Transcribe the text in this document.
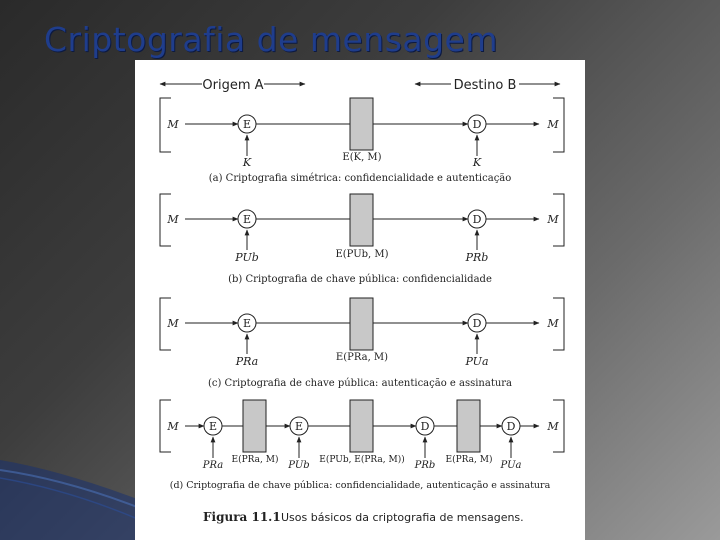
Criptografia de mensagem
Origem A	Destino B
M	E
K	E(K, M)
D
K
M
(a) Criptografia simétrica: confidencialidade e autenticação
M	E
PUb	E(PUb, M)
D
PRb
M
(b) Criptografia de chave pública: confidencialidade
M	E
PRa	E(PRa, M)
D
PUa
M
(c) Criptografia de chave pública: autenticação e assinatura
M	E
PRa E(PRa, M)
E
PUb E(PUb, E(PRa, M))
D
PRb E(PRa, M)
D
PUa
M
(d) Criptografia de chave pública: confidencialidade, autenticação e assinatura
Figura 11.1 Usos básicos da criptografia de mensagens.
